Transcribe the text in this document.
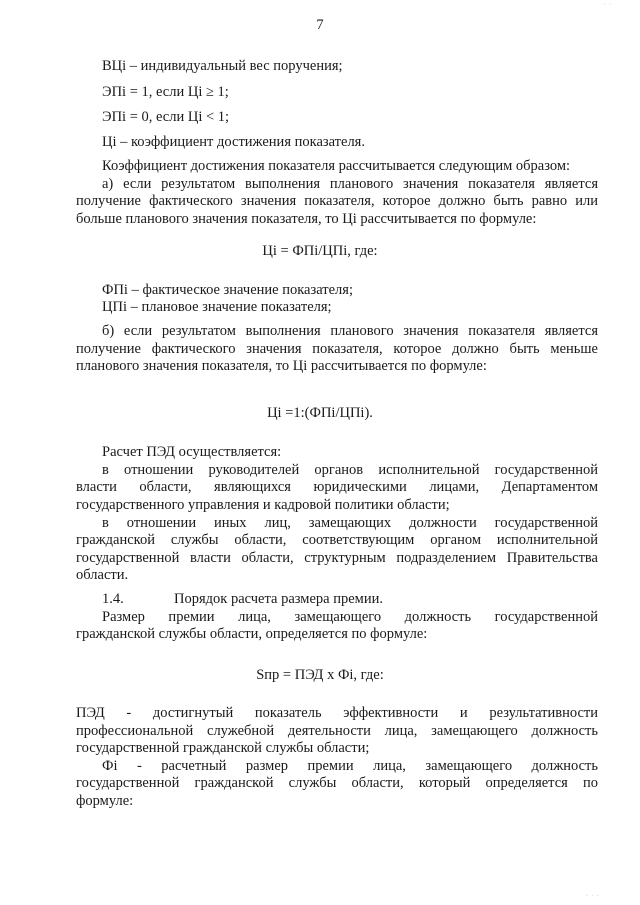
7
· ·

ВЦi – индивидуальный вес поручения;

ЭПi = 1, если Цi ≥ 1;

ЭПi = 0, если Цi < 1;

Цi – коэффициент достижения показателя.

Коэффициент достижения показателя рассчитывается следующим образом:

а) если результатом выполнения планового значения показателя является

получение фактического значения показателя, которое должно быть равно или

больше планового значения показателя, то Цi рассчитывается по формуле:

Цi = ФПi/ЦПi, где:

ФПi – фактическое значение показателя;

ЦПi – плановое значение показателя;

б) если результатом выполнения планового значения показателя является

получение фактического значения показателя, которое должно быть меньше

планового значения показателя, то Цi рассчитывается по формуле:

Цi =1:(ФПi/ЦПi).

Расчет ПЭД осуществляется:

в отношении руководителей органов исполнительной государственной

власти области, являющихся юридическими лицами, Департаментом

государственного управления и кадровой политики области;

в отношении иных лиц, замещающих должности государственной

гражданской службы области, соответствующим органом исполнительной

государственной власти области, структурным подразделением Правительства

области.

1.4.	Порядок расчета размера премии.

Размер премии лица, замещающего должность государственной

гражданской службы области, определяется по формуле:

Sпр = ПЭД х Фi, где:

ПЭД - достигнутый показатель эффективности и результативности

профессиональной служебной деятельности лица, замещающего должность

государственной гражданской службы области;

Фi - расчетный размер премии лица, замещающего должность

государственной гражданской службы области, который определяется по

формуле:

· · ·
